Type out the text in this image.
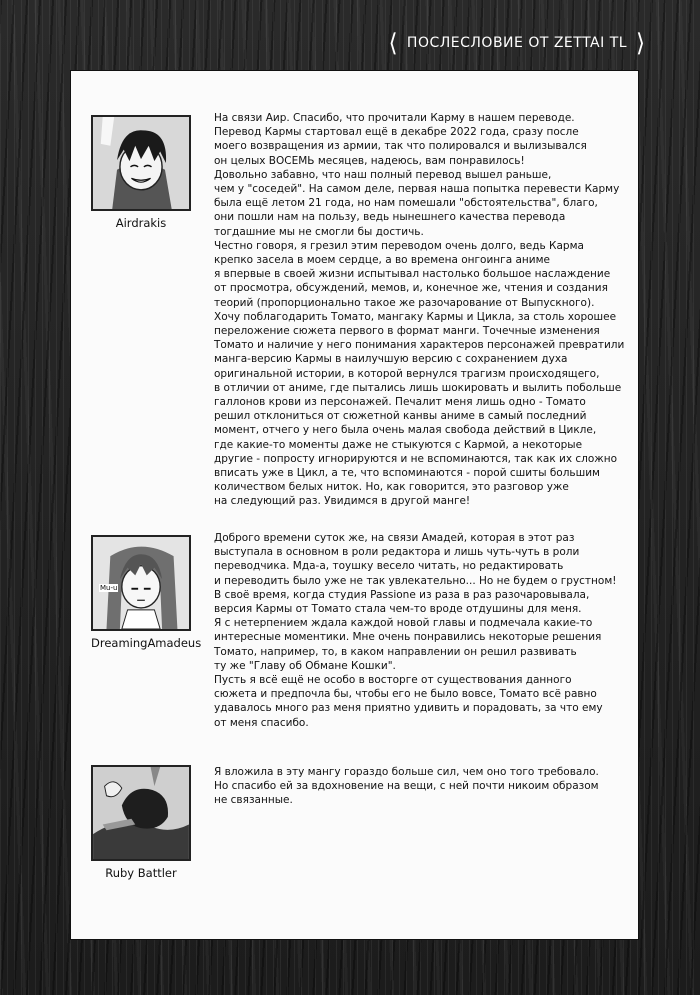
❬ ПОСЛЕСЛОВИЕ ОТ ZETTAI TL ❭
Airdrakis
На связи Аир. Спасибо, что прочитали Карму в нашем переводе.
Перевод Кармы стартовал ещё в декабре 2022 года, сразу после
моего возвращения из армии, так что полировался и вылизывался
он целых ВОСЕМЬ месяцев, надеюсь, вам понравилось!
Довольно забавно, что наш полный перевод вышел раньше,
чем у "соседей". На самом деле, первая наша попытка перевести Карму
была ещё летом 21 года, но нам помешали "обстоятельства", благо,
они пошли нам на пользу, ведь нынешнего качества перевода
тогдашние мы не смогли бы достичь.
Честно говоря, я грезил этим переводом очень долго, ведь Карма
крепко засела в моем сердце, а во времена онгоинга аниме
я впервые в своей жизни испытывал настолько большое наслаждение
от просмотра, обсуждений, мемов, и, конечное же, чтения и создания
теорий (пропорционально такое же разочарование от Выпускного).
Хочу поблагодарить Томато, мангаку Кармы и Цикла, за столь хорошее
переложение сюжета первого в формат манги. Точечные изменения
Томато и наличие у него понимания характеров персонажей превратили
манга-версию Кармы в наилучшую версию с сохранением духа
оригинальной истории, в которой вернулся трагизм происходящего,
в отличии от аниме, где пытались лишь шокировать и вылить побольше
галлонов крови из персонажей. Печалит меня лишь одно - Томато
решил отклониться от сюжетной канвы аниме в самый последний
момент, отчего у него была очень малая свобода действий в Цикле,
где какие-то моменты даже не стыкуются с Кармой, а некоторые
другие - попросту игнорируются и не вспоминаются, так как их сложно
вписать уже в Цикл, а те, что вспоминаются - порой сшиты большим
количеством белых ниток. Но, как говорится, это разговор уже
на следующий раз. Увидимся в другой манге!
Mu-u
DreamingAmadeus
Доброго времени суток же, на связи Амадей, которая в этот раз
выступала в основном в роли редактора и лишь чуть-чуть в роли
переводчика. Мда-а, тоушку весело читать, но редактировать
и переводить было уже не так увлекательно... Но не будем о грустном!
В своё время, когда студия Passione из раза в раз разочаровывала,
версия Кармы от Томато стала чем-то вроде отдушины для меня.
Я с нетерпением ждала каждой новой главы и подмечала какие-то
интересные моментики. Мне очень понравились некоторые решения
Томато, например, то, в каком направлении он решил развивать
ту же "Главу об Обмане Кошки".
Пусть я всё ещё не особо в восторге от существования данного
сюжета и предпочла бы, чтобы его не было вовсе, Томато всё равно
удавалось много раз меня приятно удивить и порадовать, за что ему
от меня спасибо.
Ruby Battler
Я вложила в эту мангу гораздо больше сил, чем оно того требовало.
Но спасибо ей за вдохновение на вещи, с ней почти никоим образом
не связанные.
